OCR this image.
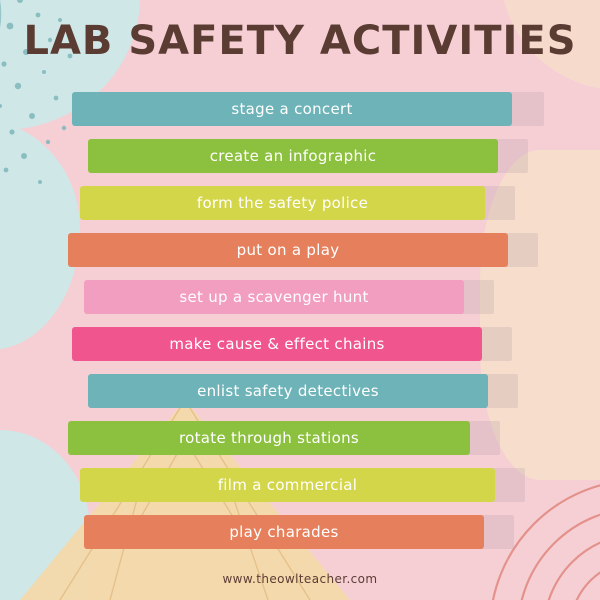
LAB SAFETY ACTIVITIES
stage a concert
create an infographic
form the safety police
put on a play
set up a scavenger hunt
make cause & effect chains
enlist safety detectives
rotate through stations
film a commercial
play charades
www.theowlteacher.com
